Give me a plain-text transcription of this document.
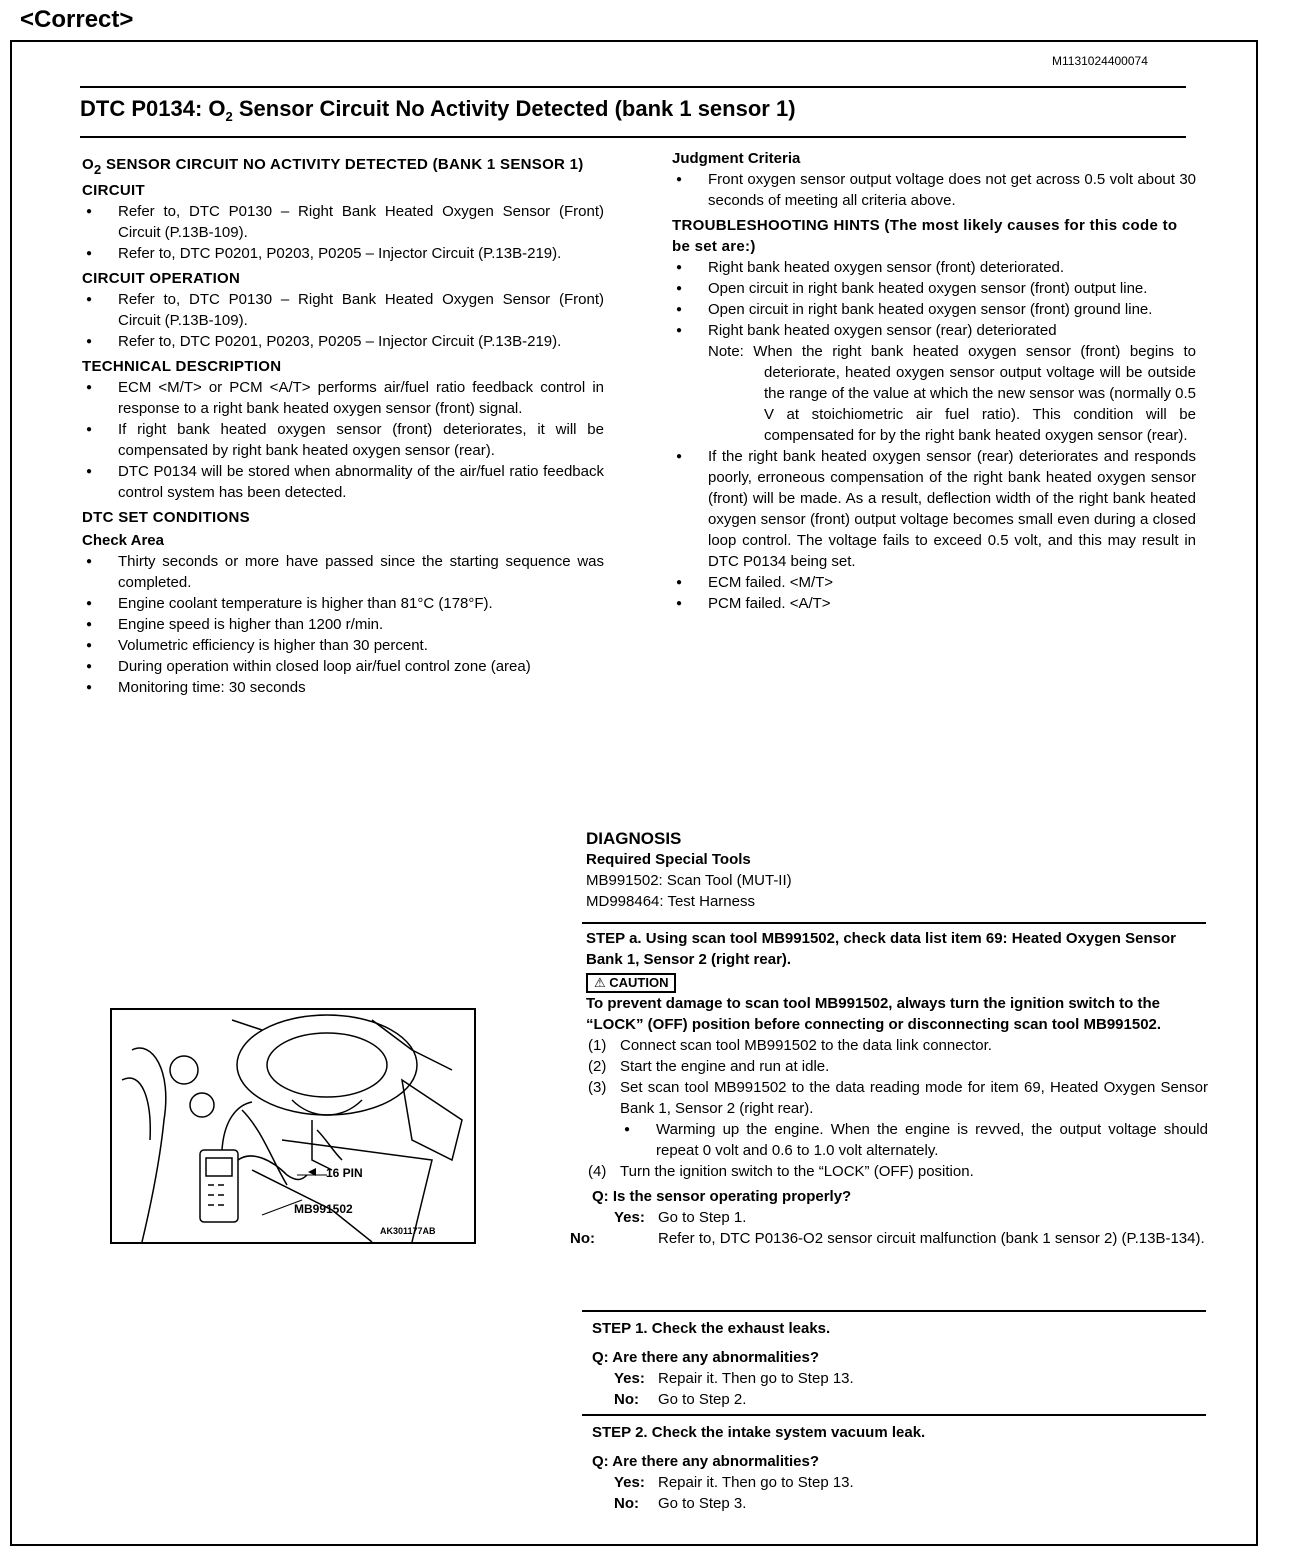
<Correct>
M1131024400074
DTC P0134: $O_2$ Sensor Circuit No Activity Detected (bank 1 sensor 1)
O2 SENSOR CIRCUIT NO ACTIVITY DETECTED (BANK 1 SENSOR 1) CIRCUIT
● Refer to, DTC P0130 – Right Bank Heated Oxygen Sensor (Front) Circuit (P.13B-109).
● Refer to, DTC P0201, P0203, P0205 – Injector Circuit (P.13B-219).
CIRCUIT OPERATION
● Refer to, DTC P0130 – Right Bank Heated Oxygen Sensor (Front) Circuit (P.13B-109).
● Refer to, DTC P0201, P0203, P0205 – Injector Circuit (P.13B-219).
TECHNICAL DESCRIPTION
● ECM <M/T> or PCM <A/T> performs air/fuel ratio feedback control in response to a right bank heated oxygen sensor (front) signal.
● If right bank heated oxygen sensor (front) deteriorates, it will be compensated by right bank heated oxygen sensor (rear).
● DTC P0134 will be stored when abnormality of the air/fuel ratio feedback control system has been detected.
DTC SET CONDITIONS
Check Area
● Thirty seconds or more have passed since the starting sequence was completed.
● Engine coolant temperature is higher than 81°C (178°F).
● Engine speed is higher than 1200 r/min.
● Volumetric efficiency is higher than 30 percent.
● During operation within closed loop air/fuel control zone (area)
● Monitoring time: 30 seconds
Judgment Criteria
● Front oxygen sensor output voltage does not get across 0.5 volt about 30 seconds of meeting all criteria above.
TROUBLESHOOTING HINTS (The most likely causes for this code to be set are:)
● Right bank heated oxygen sensor (front) deteriorated.
● Open circuit in right bank heated oxygen sensor (front) output line.
● Open circuit in right bank heated oxygen sensor (front) ground line.
● Right bank heated oxygen sensor (rear) deteriorated
Note: When the right bank heated oxygen sensor (front) begins to deteriorate, heated oxygen sensor output voltage will be outside the range of the value at which the new sensor was (normally 0.5 V at stoichiometric air fuel ratio). This condition will be compensated for by the right bank heated oxygen sensor (rear).
● If the right bank heated oxygen sensor (rear) deteriorates and responds poorly, erroneous compensation of the right bank heated oxygen sensor (front) will be made. As a result, deflection width of the right bank heated oxygen sensor (front) output voltage becomes small even during a closed loop control. The voltage fails to exceed 0.5 volt, and this may result in DTC P0134 being set.
● ECM failed. <M/T>
● PCM failed. <A/T>
DIAGNOSIS
Required Special Tools
MB991502: Scan Tool (MUT-II)
MD998464: Test Harness
STEP a. Using scan tool MB991502, check data list item 69: Heated Oxygen Sensor Bank 1, Sensor 2 (right rear).
⚠ CAUTION
To prevent damage to scan tool MB991502, always turn the ignition switch to the “LOCK” (OFF) position before connecting or disconnecting scan tool MB991502.
(1) Connect scan tool MB991502 to the data link connector.
(2) Start the engine and run at idle.
(3) Set scan tool MB991502 to the data reading mode for item 69, Heated Oxygen Sensor Bank 1, Sensor 2 (right rear).
● Warming up the engine. When the engine is revved, the output voltage should repeat 0 volt and 0.6 to 1.0 volt alternately.
(4) Turn the ignition switch to the “LOCK” (OFF) position.
Q: Is the sensor operating properly?
Yes: Go to Step 1.
No:	Refer to, DTC P0136-O2 sensor circuit malfunction (bank 1 sensor 2) (P.13B-134).
STEP 1. Check the exhaust leaks.
Q: Are there any abnormalities?
Yes: Repair it. Then go to Step 13.
No: Go to Step 2.
STEP 2. Check the intake system vacuum leak.
Q: Are there any abnormalities?
Yes: Repair it. Then go to Step 13.
No: Go to Step 3.
16 PIN
MB991502
AK301177AB
